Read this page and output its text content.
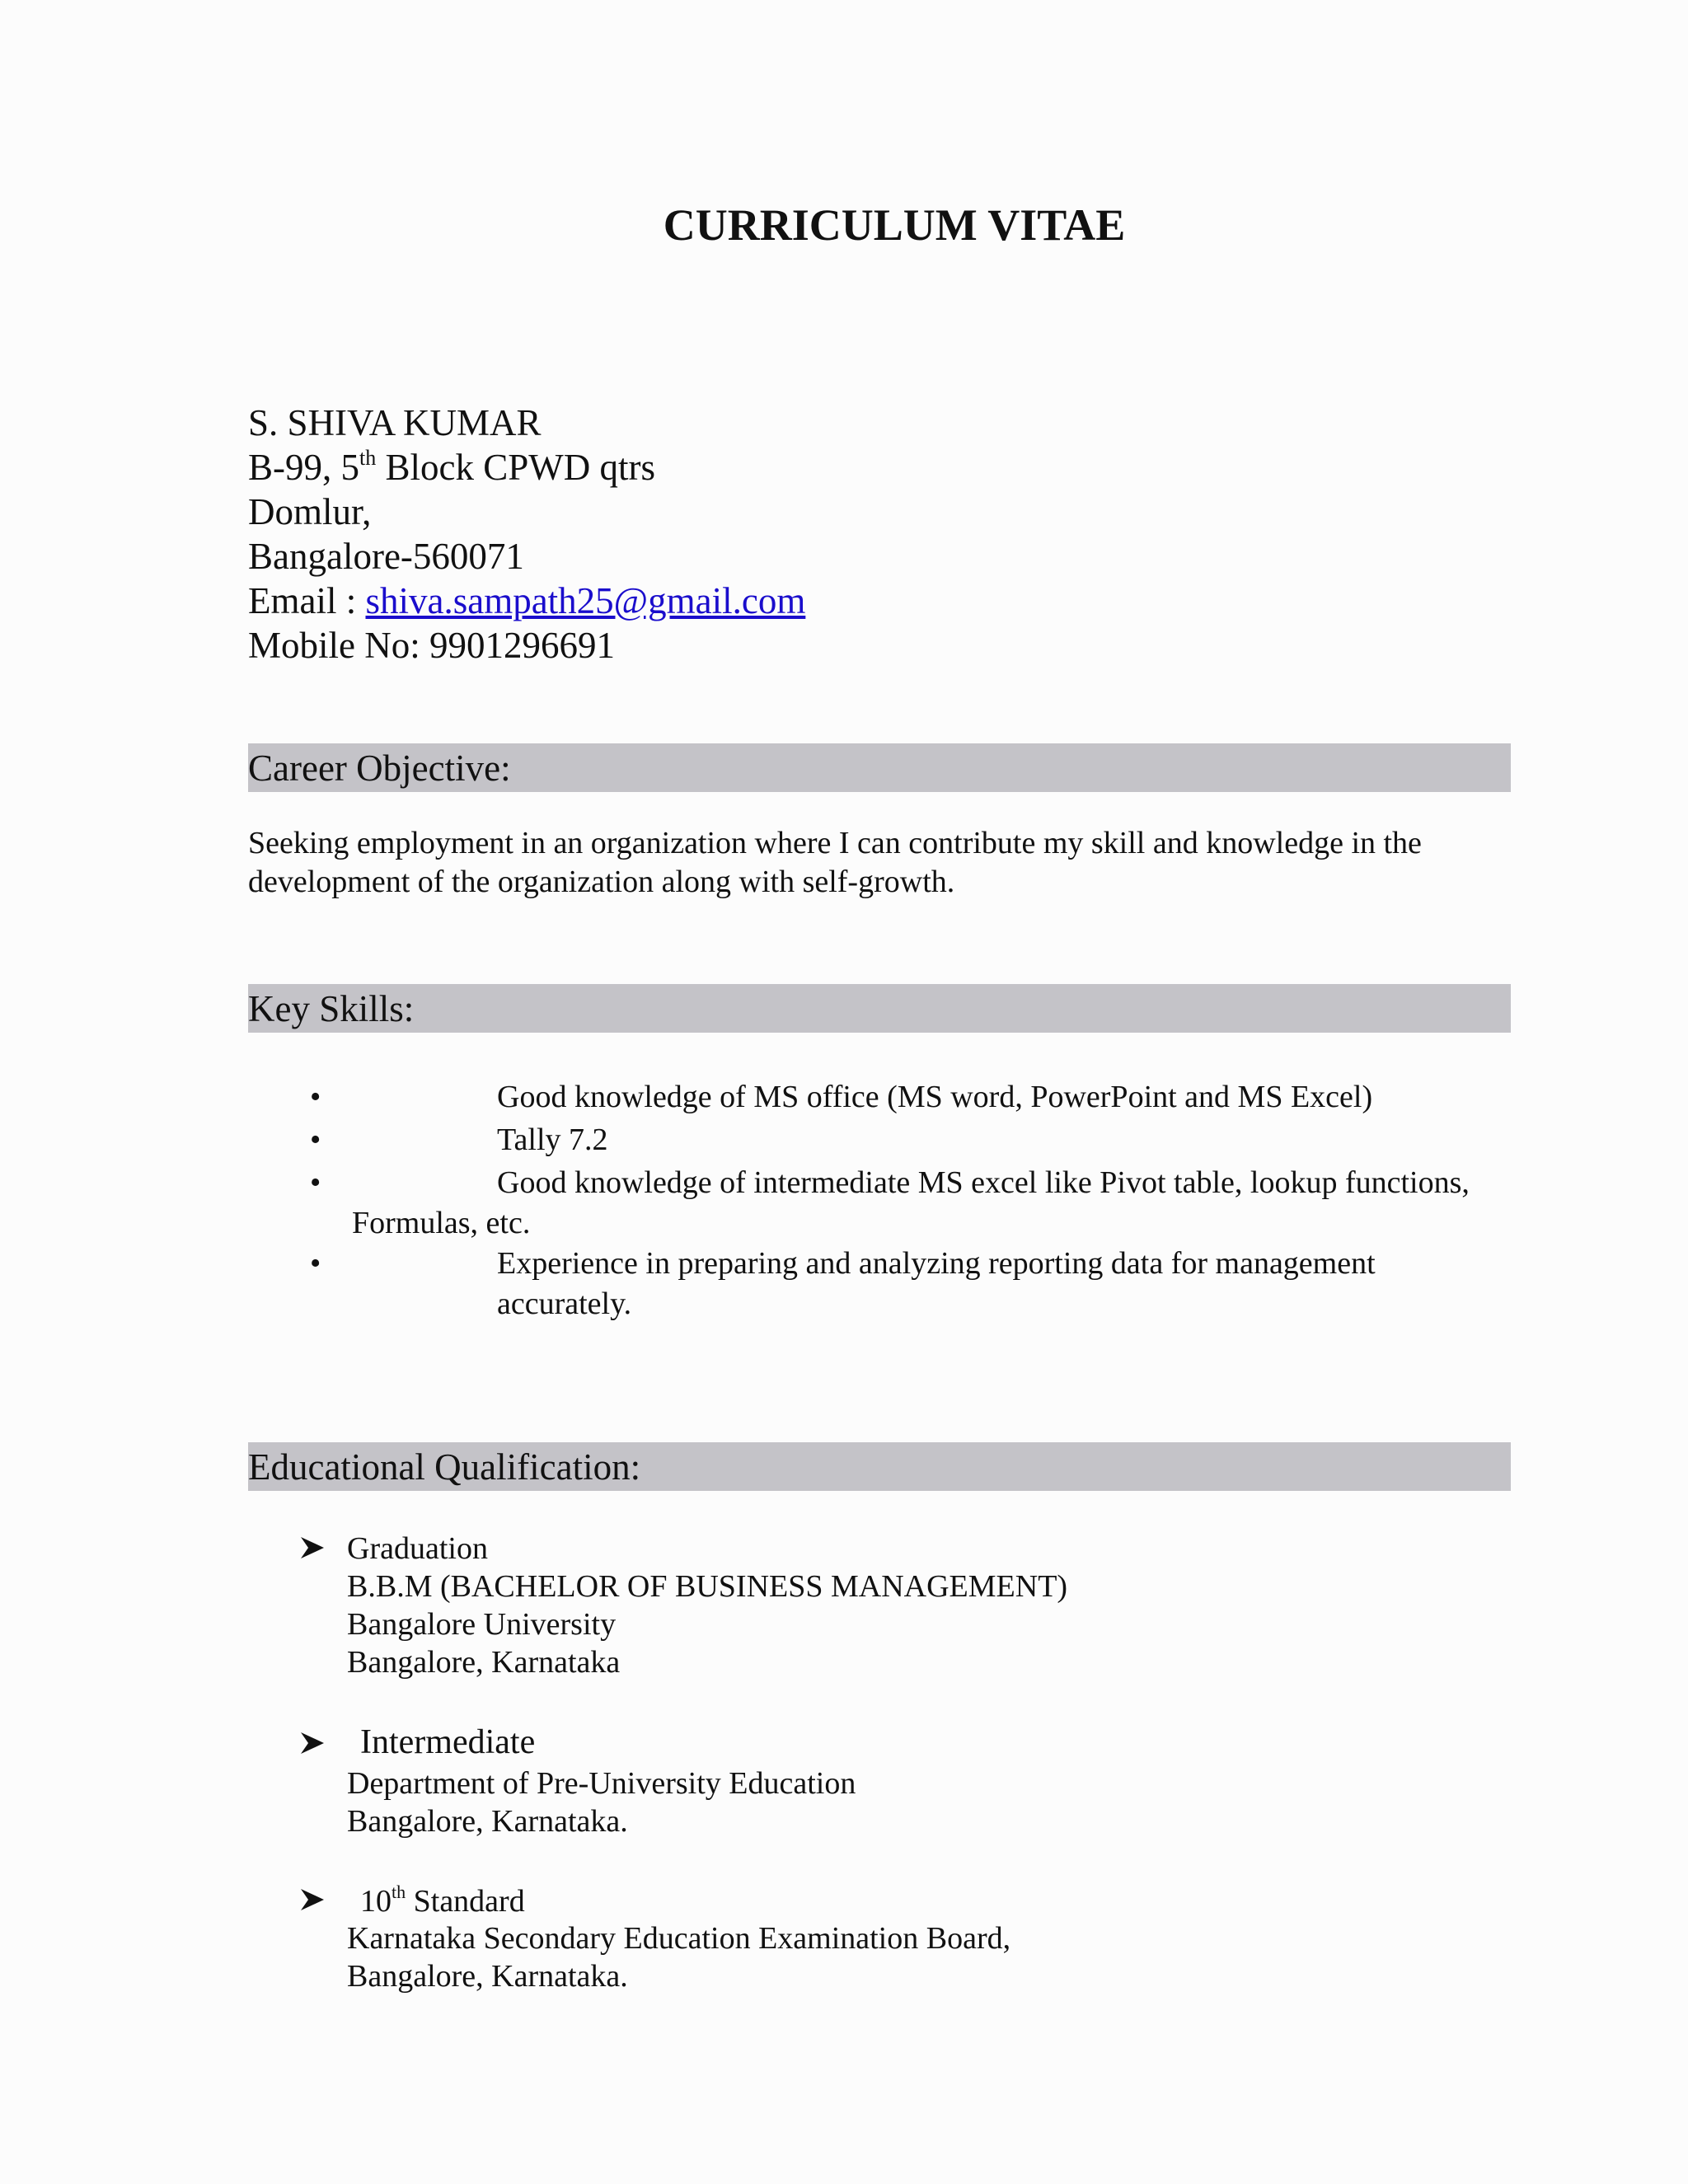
CURRICULUM VITAE
S. SHIVA KUMAR
B-99, 5th Block CPWD qtrs
Domlur,
Bangalore-560071
Email : shiva.sampath25@gmail.com
Mobile No: 9901296691
Career Objective:
Seeking employment in an organization where I can contribute my skill and knowledge in the
development of the organization along with self-growth.
Key Skills:
•	Good knowledge of MS office (MS word, PowerPoint and MS Excel)
•	Tally 7.2
•	Good knowledge of intermediate MS excel like Pivot table, lookup functions,
Formulas, etc.
•	Experience in preparing and analyzing reporting data for management
accurately.
Educational Qualification:
Graduation
B.B.M (BACHELOR OF BUSINESS MANAGEMENT)
Bangalore University
Bangalore, Karnataka
Intermediate
Department of Pre-University Education
Bangalore, Karnataka.
10th Standard
Karnataka Secondary Education Examination Board,
Bangalore, Karnataka.
